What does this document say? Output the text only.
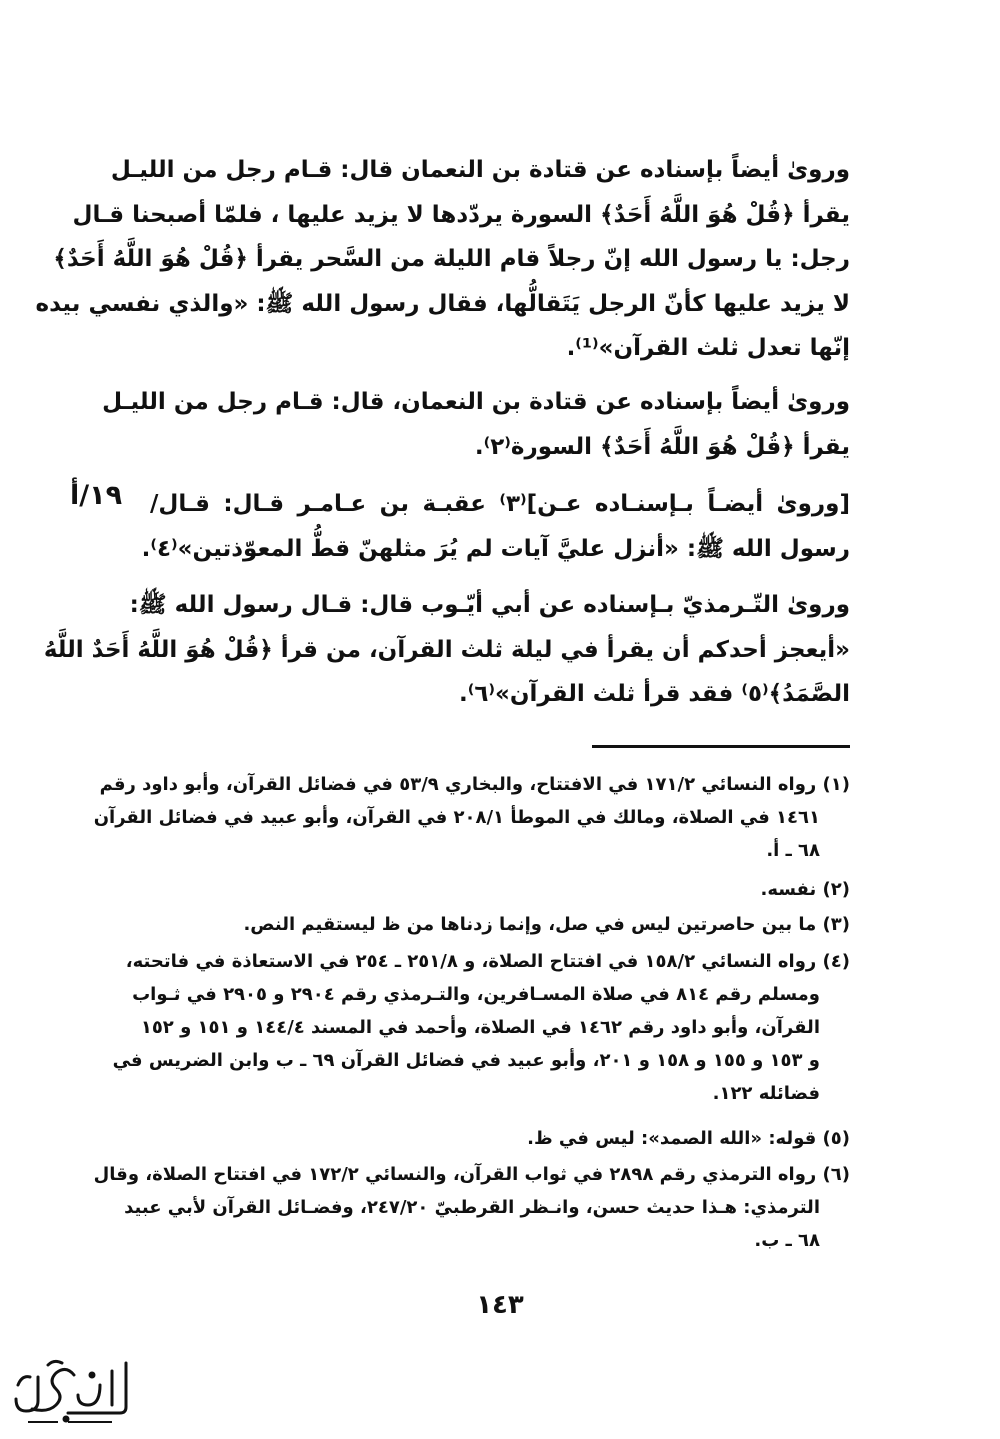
ورویٰ أيضاً بإسناده عن قتادة بن النعمان قال: قـام رجل من الليـل
يقرأ ﴿قُلْ هُوَ اللَّهُ أَحَدٌ﴾ السورة يردّدها لا يزيد عليها ، فلمّا أصبحنا قـال
رجل: يا رسول الله إنّ رجلاً قام الليلة من السَّحر يقرأ ﴿قُلْ هُوَ اللَّهُ أَحَدٌ﴾
لا يزيد عليها كأنّ الرجل يَتَقالُّها، فقال رسول الله ﷺ: «والذي نفسي بيده
إنّها تعدل ثلث القرآن»⁽¹⁾.
ورویٰ أيضاً بإسناده عن قتادة بن النعمان، قال: قـام رجل من الليـل
يقرأ ﴿قُلْ هُوَ اللَّهُ أَحَدٌ﴾ السورة⁽٢⁾.
[ورویٰ أيضـاً بـإسنـاده عـن]⁽٣⁾ عقبـة بن عـامـر قـال: قـال/
رسول الله ﷺ: «أنزل عليَّ آيات لم يُرَ مثلهنّ قطُّ المعوّذتين»⁽٤⁾.
١٩/أ
ورویٰ التّـرمذيّ بـإسناده عن أبي أيّـوب قال: قـال رسول الله ﷺ:
«أيعجز أحدكم أن يقرأ في ليلة ثلث القرآن، من قرأ ﴿قُلْ هُوَ اللَّهُ أَحَدٌ اللَّهُ
الصَّمَدُ﴾⁽٥⁾ فقد قرأ ثلث القرآن»⁽٦⁾.
(١) رواه النسائي ١٧١/٢ في الافتتاح، والبخاري ٥٣/٩ في فضائل القرآن، وأبو داود رقم
١٤٦١ في الصلاة، ومالك في الموطأ ٢٠٨/١ في القرآن، وأبو عبيد في فضائل القرآن
٦٨ ـ أ.
(٢) نفسه.
(٣) ما بين حاصرتين ليس في صل، وإنما زدناها من ظ ليستقيم النص.
(٤) رواه النسائي ١٥٨/٢ في افتتاح الصلاة، و ٢٥١/٨ ـ ٢٥٤ في الاستعاذة في فاتحته،
ومسلم رقم ٨١٤ في صلاة المسـافرين، والتـرمذي رقم ٢٩٠٤ و ٢٩٠٥ في ثـواب
القرآن، وأبو داود رقم ١٤٦٢ في الصلاة، وأحمد في المسند ١٤٤/٤ و ١٥١ و ١٥٢
و ١٥٣ و ١٥٥ و ١٥٨ و ٢٠١، وأبو عبيد في فضائل القرآن ٦٩ ـ ب وابن الضريس في
فضائله ١٢٢.
(٥) قوله: «الله الصمد»: ليس في ظ.
(٦) رواه الترمذي رقم ٢٨٩٨ في ثواب القرآن، والنسائي ١٧٢/٢ في افتتاح الصلاة، وقال
الترمذي: هـذا حديث حسن، وانـظر القرطبيّ ٢٤٧/٢٠، وفضـائل القرآن لأبي عبيد
٦٨ ـ ب.
١٤٣
